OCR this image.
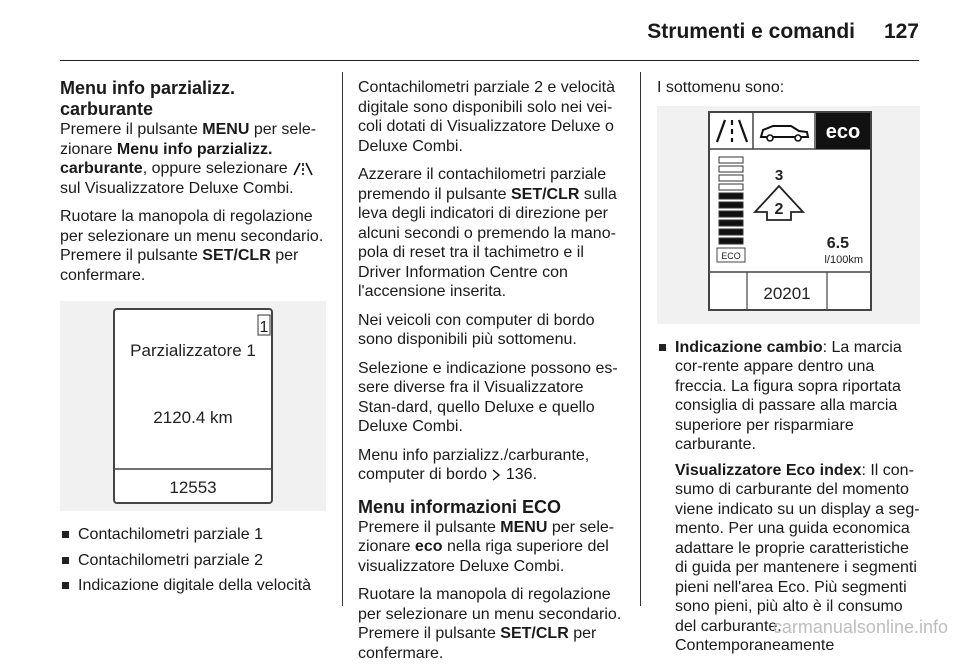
Strumenti e comandi 127
Menu info parzializz. carburante

Premere il pulsante MENU per sele-zionare Menu info parzializz. carburante, oppure selezionare  sul Visualizzatore Deluxe Combi.

Ruotare la manopola di regolazione per selezionare un menu secondario. Premere il pulsante SET/CLR per confermare.

1
Parzializzatore 1
2120.4 km
12553
Contachilometri parziale 1
Contachilometri parziale 2
Indicazione digitale della velocità

Contachilometri parziale 2 e velocità digitale sono disponibili solo nei vei-coli dotati di Visualizzatore Deluxe o Deluxe Combi.

Azzerare il contachilometri parziale premendo il pulsante SET/CLR sulla leva degli indicatori di direzione per alcuni secondi o premendo la mano-pola di reset tra il tachimetro e il Driver Information Centre con l'accensione inserita.

Nei veicoli con computer di bordo sono disponibili più sottomenu.

Selezione e indicazione possono es-sere diverse fra il Visualizzatore Stan-dard, quello Deluxe e quello Deluxe Combi.

Menu info parzializz./carburante, computer di bordo  136.

Menu informazioni ECO

Premere il pulsante MENU per sele-zionare eco nella riga superiore del visualizzatore Deluxe Combi.

Ruotare la manopola di regolazione per selezionare un menu secondario. Premere il pulsante SET/CLR per confermare.

I sottomenu sono:

eco
ECO
3
2
6.5
l/100km
20201
Indicazione cambio: La marcia cor-rente appare dentro una freccia. La figura sopra riportata consiglia di passare alla marcia superiore per risparmiare carburante.
Visualizzatore Eco index: Il con-sumo di carburante del momento viene indicato su un display a seg-mento. Per una guida economica adattare le proprie caratteristiche di guida per mantenere i segmenti pieni nell'area Eco. Più segmenti sono pieni, più alto è il consumo del carburante. Contemporaneamente
carmanualsonline.info
